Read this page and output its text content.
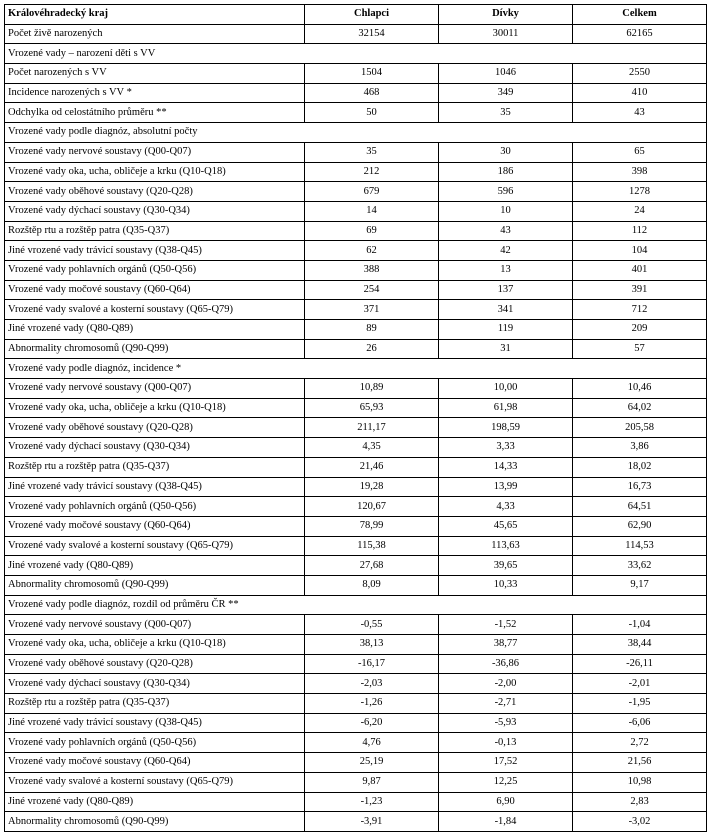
Královéhradecký kraj	Chlapci	Dívky	Celkem
Počet živě narozených	32154	30011	62165
Vrozené vady – narození děti s VV			
Počet narozených s VV	1504	1046	2550
Incidence narozených s VV *	468	349	410
Odchylka od celostátního průměru **	50	35	43
Vrozené vady podle diagnóz, absolutní počty			
Vrozené vady nervové soustavy (Q00-Q07)	35	30	65
Vrozené vady oka, ucha, obličeje a krku (Q10-Q18)	212	186	398
Vrozené vady oběhové soustavy (Q20-Q28)	679	596	1278
Vrozené vady dýchací soustavy (Q30-Q34)	14	10	24
Rozštěp rtu a rozštěp patra (Q35-Q37)	69	43	112
Jiné vrozené vady trávicí soustavy (Q38-Q45)	62	42	104
Vrozené vady pohlavních orgánů (Q50-Q56)	388	13	401
Vrozené vady močové soustavy (Q60-Q64)	254	137	391
Vrozené vady svalové a kosterní soustavy (Q65-Q79)	371	341	712
Jiné vrozené vady (Q80-Q89)	89	119	209
Abnormality chromosomů (Q90-Q99)	26	31	57
Vrozené vady podle diagnóz, incidence *			
Vrozené vady nervové soustavy (Q00-Q07)	10,89	10,00	10,46
Vrozené vady oka, ucha, obličeje a krku (Q10-Q18)	65,93	61,98	64,02
Vrozené vady oběhové soustavy (Q20-Q28)	211,17	198,59	205,58
Vrozené vady dýchací soustavy (Q30-Q34)	4,35	3,33	3,86
Rozštěp rtu a rozštěp patra (Q35-Q37)	21,46	14,33	18,02
Jiné vrozené vady trávicí soustavy (Q38-Q45)	19,28	13,99	16,73
Vrozené vady pohlavních orgánů (Q50-Q56)	120,67	4,33	64,51
Vrozené vady močové soustavy (Q60-Q64)	78,99	45,65	62,90
Vrozené vady svalové a kosterní soustavy (Q65-Q79)	115,38	113,63	114,53
Jiné vrozené vady (Q80-Q89)	27,68	39,65	33,62
Abnormality chromosomů (Q90-Q99)	8,09	10,33	9,17
Vrozené vady podle diagnóz, rozdíl od průměru ČR **			
Vrozené vady nervové soustavy (Q00-Q07)	-0,55	-1,52	-1,04
Vrozené vady oka, ucha, obličeje a krku (Q10-Q18)	38,13	38,77	38,44
Vrozené vady oběhové soustavy (Q20-Q28)	-16,17	-36,86	-26,11
Vrozené vady dýchací soustavy (Q30-Q34)	-2,03	-2,00	-2,01
Rozštěp rtu a rozštěp patra (Q35-Q37)	-1,26	-2,71	-1,95
Jiné vrozené vady trávicí soustavy (Q38-Q45)	-6,20	-5,93	-6,06
Vrozené vady pohlavních orgánů (Q50-Q56)	4,76	-0,13	2,72
Vrozené vady močové soustavy (Q60-Q64)	25,19	17,52	21,56
Vrozené vady svalové a kosterní soustavy (Q65-Q79)	9,87	12,25	10,98
Jiné vrozené vady (Q80-Q89)	-1,23	6,90	2,83
Abnormality chromosomů (Q90-Q99)	-3,91	-1,84	-3,02
